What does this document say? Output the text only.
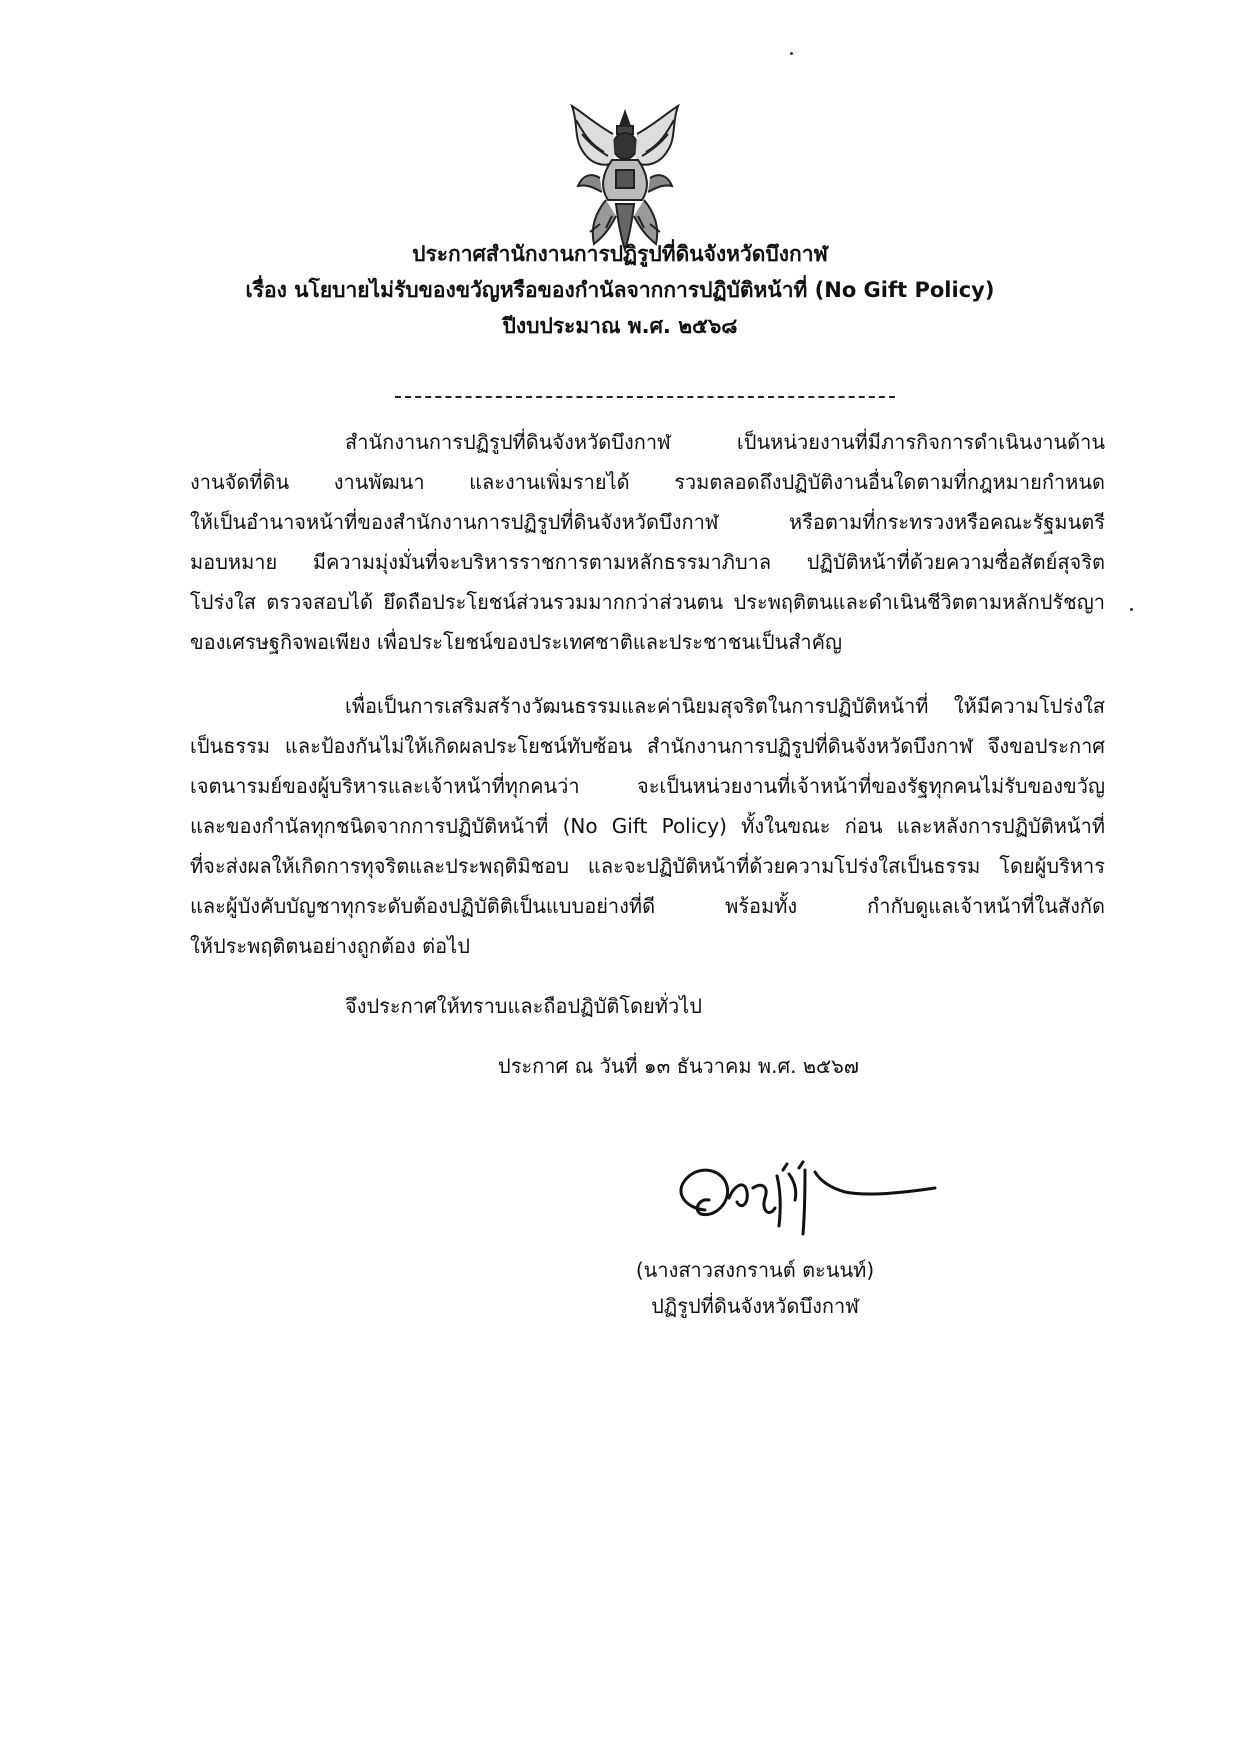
ประกาศสำนักงานการปฏิรูปที่ดินจังหวัดบึงกาฬ
เรื่อง นโยบายไม่รับของขวัญหรือของกำนัลจากการปฏิบัติหน้าที่ (No Gift Policy)
ปีงบประมาณ พ.ศ. ๒๕๖๘
สำนักงานการปฏิรูปที่ดินจังหวัดบึงกาฬ เป็นหน่วยงานที่มีภารกิจการดำเนินงานด้าน
งานจัดที่ดิน งานพัฒนา และงานเพิ่มรายได้ รวมตลอดถึงปฏิบัติงานอื่นใดตามที่กฎหมายกำหนด
ให้เป็นอำนาจหน้าที่ของสำนักงานการปฏิรูปที่ดินจังหวัดบึงกาฬ หรือตามที่กระทรวงหรือคณะรัฐมนตรี
มอบหมาย มีความมุ่งมั่นที่จะบริหารราชการตามหลักธรรมาภิบาล ปฏิบัติหน้าที่ด้วยความซื่อสัตย์สุจริต
โปร่งใส ตรวจสอบได้ ยึดถือประโยชน์ส่วนรวมมากกว่าส่วนตน ประพฤติตนและดำเนินชีวิตตามหลักปรัชญา
ของเศรษฐกิจพอเพียง เพื่อประโยชน์ของประเทศชาติและประชาชนเป็นสำคัญ
เพื่อเป็นการเสริมสร้างวัฒนธรรมและค่านิยมสุจริตในการปฏิบัติหน้าที่ ให้มีความโปร่งใส
เป็นธรรม และป้องกันไม่ให้เกิดผลประโยชน์ทับซ้อน สำนักงานการปฏิรูปที่ดินจังหวัดบึงกาฬ จึงขอประกาศ
เจตนารมย์ของผู้บริหารและเจ้าหน้าที่ทุกคนว่า จะเป็นหน่วยงานที่เจ้าหน้าที่ของรัฐทุกคนไม่รับของขวัญ
และของกำนัลทุกชนิดจากการปฏิบัติหน้าที่ (No Gift Policy) ทั้งในขณะ ก่อน และหลังการปฏิบัติหน้าที่
ที่จะส่งผลให้เกิดการทุจริตและประพฤติมิชอบ และจะปฏิบัติหน้าที่ด้วยความโปร่งใสเป็นธรรม โดยผู้บริหาร
และผู้บังคับบัญชาทุกระดับต้องปฏิบัติติเป็นแบบอย่างที่ดี พร้อมทั้ง กำกับดูแลเจ้าหน้าที่ในสังกัด
ให้ประพฤติตนอย่างถูกต้อง ต่อไป
จึงประกาศให้ทราบและถือปฏิบัติโดยทั่วไป
ประกาศ ณ วันที่ ๑๓ ธันวาคม พ.ศ. ๒๕๖๗
(นางสาวสงกรานต์ ตะนนท์)
ปฏิรูปที่ดินจังหวัดบึงกาฬ
